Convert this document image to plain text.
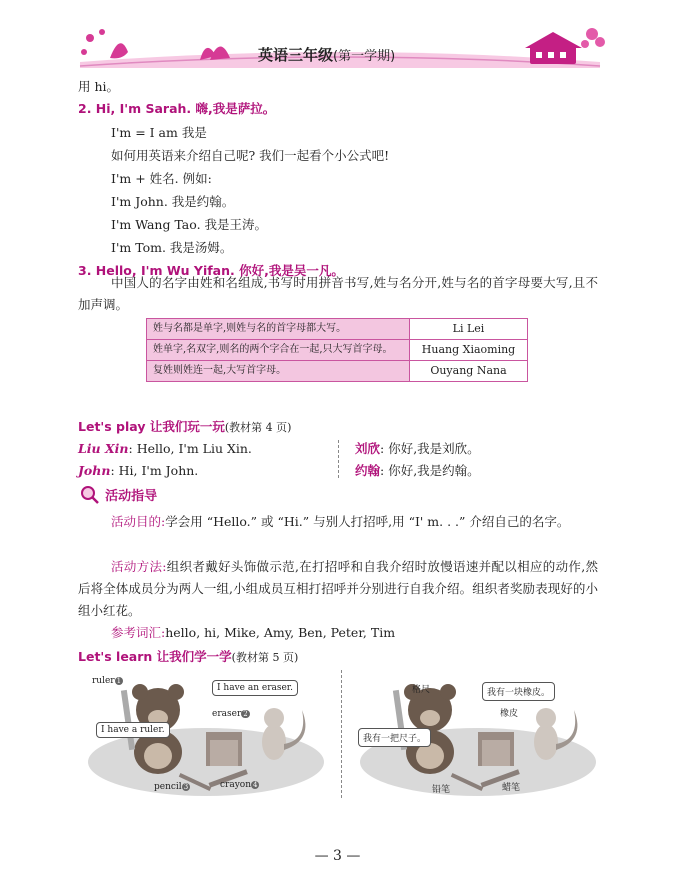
英语三年级(第一学期)
用 hi。
2. Hi, I'm Sarah. 嗨,我是萨拉。
I'm = I am 我是
如何用英语来介绍自己呢? 我们一起看个小公式吧!
I'm + 姓名. 例如:
I'm John. 我是约翰。
I'm Wang Tao. 我是王涛。
I'm Tom. 我是汤姆。
3. Hello, I'm Wu Yifan. 你好,我是吴一凡。
中国人的名字由姓和名组成,书写时用拼音书写,姓与名分开,姓与名的首字母要大写,且不加声调。
姓与名都是单字,则姓与名的首字母都大写。	Li Lei
姓单字,名双字,则名的两个字合在一起,只大写首字母。	Huang Xiaoming
复姓则姓连一起,大写首字母。	Ouyang Nana
Let's play 让我们玩一玩(教材第 4 页)
Liu Xin: Hello, I'm Liu Xin.
John: Hi, I'm John.
刘欣: 你好,我是刘欣。
约翰: 你好,我是约翰。
活动指导
活动目的:学会用 “Hello.” 或 “Hi.” 与别人打招呼,用 “I' m. . .” 介绍自己的名字。
活动方法:组织者戴好头饰做示范,在打招呼和自我介绍时放慢语速并配以相应的动作,然后将全体成员分为两人一组,小组成员互相打招呼并分别进行自我介绍。组织者奖励表现好的小组小红花。
参考词汇:hello, hi, Mike, Amy, Ben, Peter, Tim
Let's learn 让我们学一学(教材第 5 页)
ruler 1
eraser 2
pencil 3	crayon 4
I have a ruler.
I have an eraser.	格尺
橡皮
铅笔	蜡笔
我有一把尺子。
我有一块橡皮。
— 3 —
